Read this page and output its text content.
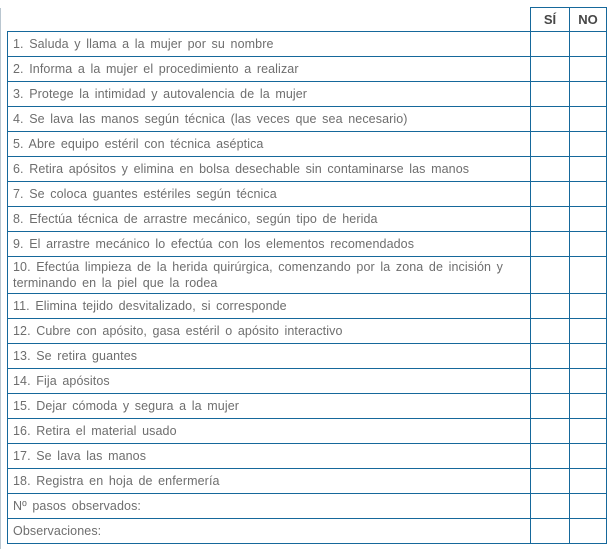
	SÍ	NO
1. Saluda y llama a la mujer por su nombre		
2. Informa a la mujer el procedimiento a realizar		
3. Protege la intimidad y autovalencia de la mujer		
4. Se lava las manos según técnica (las veces que sea necesario)		
5. Abre equipo estéril con técnica aséptica		
6. Retira apósitos y elimina en bolsa desechable sin contaminarse las manos		
7. Se coloca guantes estériles según técnica		
8. Efectúa técnica de arrastre mecánico, según tipo de herida		
9. El arrastre mecánico lo efectúa con los elementos recomendados		
10. Efectúa limpieza de la herida quirúrgica, comenzando por la zona de incisión y
terminando en la piel que la rodea		
11. Elimina tejido desvitalizado, si corresponde		
12. Cubre con apósito, gasa estéril o apósito interactivo		
13. Se retira guantes		
14. Fija apósitos		
15. Dejar cómoda y segura a la mujer		
16. Retira el material usado		
17. Se lava las manos		
18. Registra en hoja de enfermería		
Nº pasos observados:		
Observaciones:		
